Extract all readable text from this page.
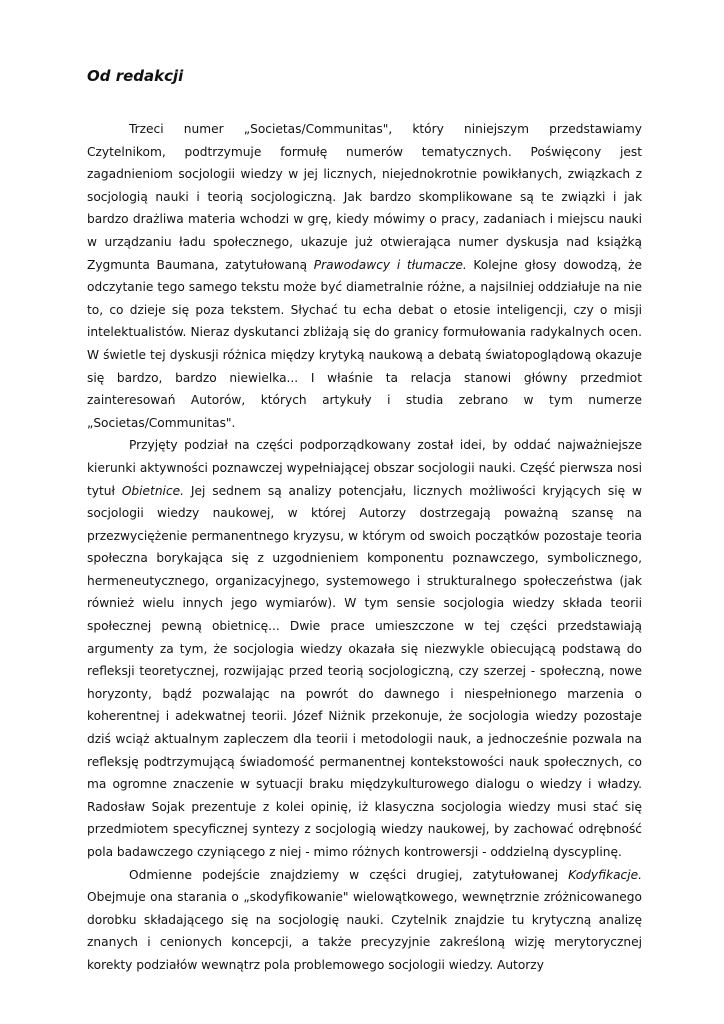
Od redakcji

Trzeci numer „Societas/Communitas", który niniejszym przedstawiamy Czytelnikom, podtrzymuje formułę numerów tematycznych. Poświęcony jest zagadnieniom socjologii wiedzy w jej licznych, niejednokrotnie powikłanych, związkach z socjologią nauki i teorią socjologiczną. Jak bardzo skomplikowane są te związki i jak bardzo drażliwa materia wchodzi w grę, kiedy mówimy o pracy, zadaniach i miejscu nauki w urządzaniu ładu społecznego, ukazuje już otwierająca numer dyskusja nad książką Zygmunta Baumana, zatytułowaną Prawodawcy i tłumacze. Kolejne głosy dowodzą, że odczytanie tego samego tekstu może być diametralnie różne, a najsilniej oddziałuje na nie to, co dzieje się poza tekstem. Słychać tu echa debat o etosie inteligencji, czy o misji intelektualistów. Nieraz dyskutanci zbliżają się do granicy formułowania radykalnych ocen. W świetle tej dyskusji różnica między krytyką naukową a debatą światopoglądową okazuje się bardzo, bardzo niewielka... I właśnie ta relacja stanowi główny przedmiot zainteresowań Autorów, których artykuły i studia zebrano w tym numerze „Societas/Communitas".

Przyjęty podział na części podporządkowany został idei, by oddać najważniejsze kierunki aktywności poznawczej wypełniającej obszar socjologii nauki. Część pierwsza nosi tytuł Obietnice. Jej sednem są analizy potencjału, licznych możliwości kryjących się w socjologii wiedzy naukowej, w której Autorzy dostrzegają poważną szansę na przezwyciężenie permanentnego kryzysu, w którym od swoich początków pozostaje teoria społeczna borykająca się z uzgodnieniem komponentu poznawczego, symbolicznego, hermeneutycznego, organizacyjnego, systemowego i strukturalnego społeczeństwa (jak również wielu innych jego wymiarów). W tym sensie socjologia wiedzy składa teorii społecznej pewną obietnicę... Dwie prace umieszczone w tej części przedstawiają argumenty za tym, że socjologia wiedzy okazała się niezwykle obiecującą podstawą do refleksji teoretycznej, rozwijając przed teorią socjologiczną, czy szerzej - społeczną, nowe horyzonty, bądź pozwalając na powrót do dawnego i niespełnionego marzenia o koherentnej i adekwatnej teorii. Józef Niżnik przekonuje, że socjologia wiedzy pozostaje dziś wciąż aktualnym zapleczem dla teorii i metodologii nauk, a jednocześnie pozwala na refleksję podtrzymującą świadomość permanentnej kontekstowości nauk społecznych, co ma ogromne znaczenie w sytuacji braku międzykulturowego dialogu o wiedzy i władzy. Radosław Sojak prezentuje z kolei opinię, iż klasyczna socjologia wiedzy musi stać się przedmiotem specyficznej syntezy z socjologią wiedzy naukowej, by zachować odrębność pola badawczego czyniącego z niej - mimo różnych kontrowersji - oddzielną dyscyplinę.

Odmienne podejście znajdziemy w części drugiej, zatytułowanej Kodyfikacje. Obejmuje ona starania o „skodyfikowanie" wielowątkowego, wewnętrznie zróżnicowanego dorobku składającego się na socjologię nauki. Czytelnik znajdzie tu krytyczną analizę znanych i cenionych koncepcji, a także precyzyjnie zakreśloną wizję merytorycznej korekty podziałów wewnątrz pola problemowego socjologii wiedzy. Autorzy
